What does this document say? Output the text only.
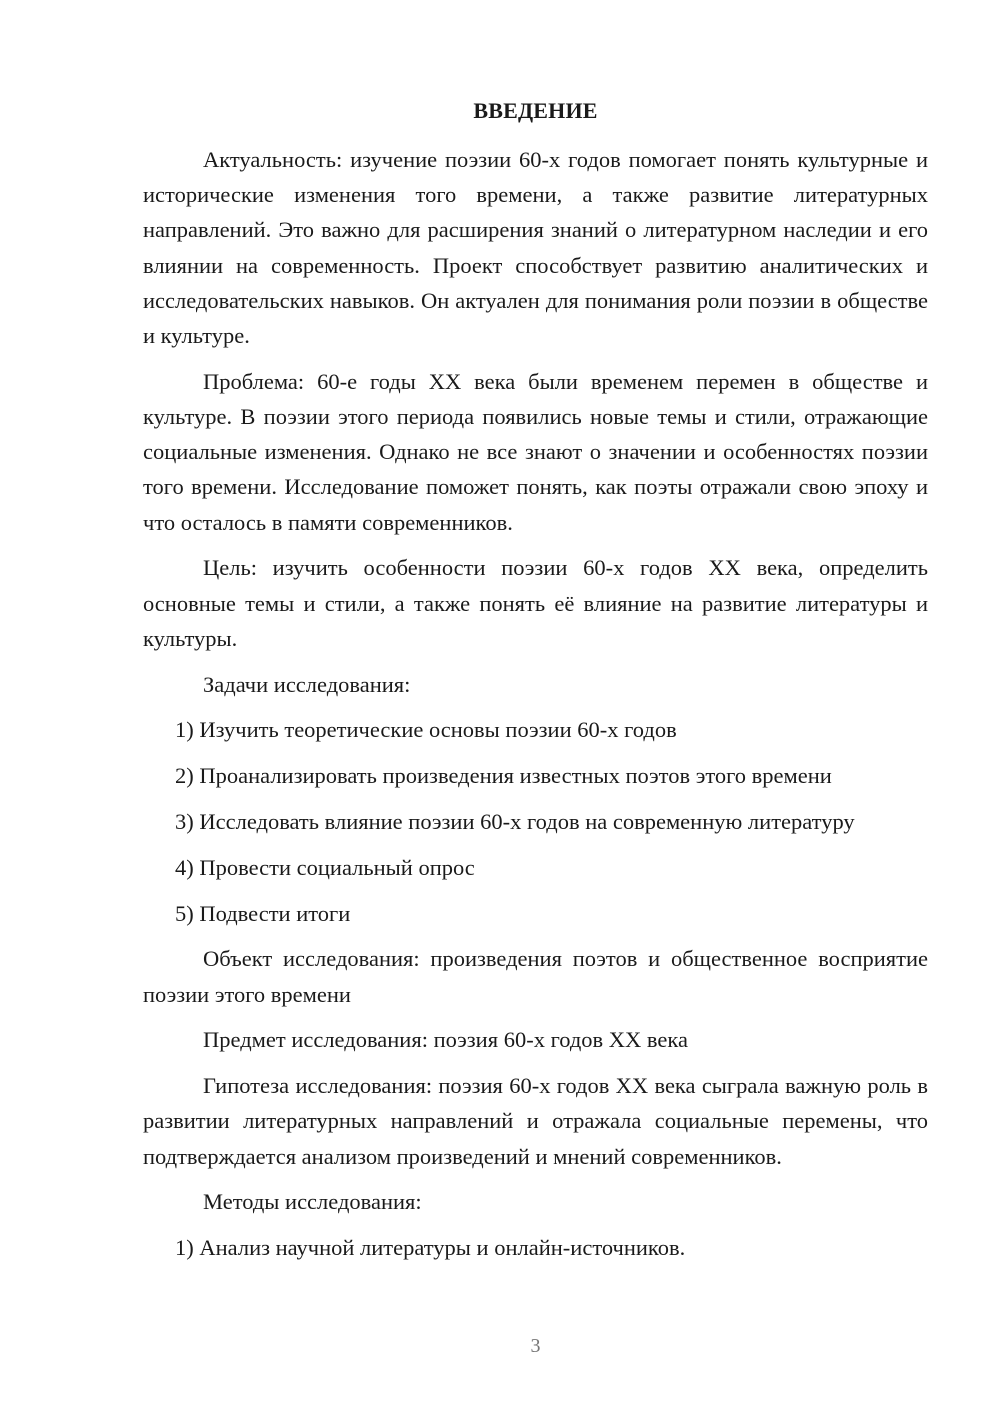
ВВЕДЕНИЕ

Актуальность: изучение поэзии 60-х годов помогает понять культурные и исторические изменения того времени, а также развитие литературных направлений. Это важно для расширения знаний о литературном наследии и его влиянии на современность. Проект способствует развитию аналитических и исследовательских навыков. Он актуален для понимания роли поэзии в обществе и культуре.

Проблема: 60-е годы XX века были временем перемен в обществе и культуре. В поэзии этого периода появились новые темы и стили, отражающие социальные изменения. Однако не все знают о значении и особенностях поэзии того времени. Исследование поможет понять, как поэты отражали свою эпоху и что осталось в памяти современников.

Цель: изучить особенности поэзии 60-х годов XX века, определить основные темы и стили, а также понять её влияние на развитие литературы и культуры.

Задачи исследования:

1) Изучить теоретические основы поэзии 60-х годов
2) Проанализировать произведения известных поэтов этого времени
3) Исследовать влияние поэзии 60-х годов на современную литературу
4) Провести социальный опрос
5) Подвести итоги

Объект исследования: произведения поэтов и общественное восприятие поэзии этого времени

Предмет исследования: поэзия 60-х годов XX века

Гипотеза исследования: поэзия 60-х годов XX века сыграла важную роль в развитии литературных направлений и отражала социальные перемены, что подтверждается анализом произведений и мнений современников.

Методы исследования:

1) Анализ научной литературы и онлайн-источников.
3
